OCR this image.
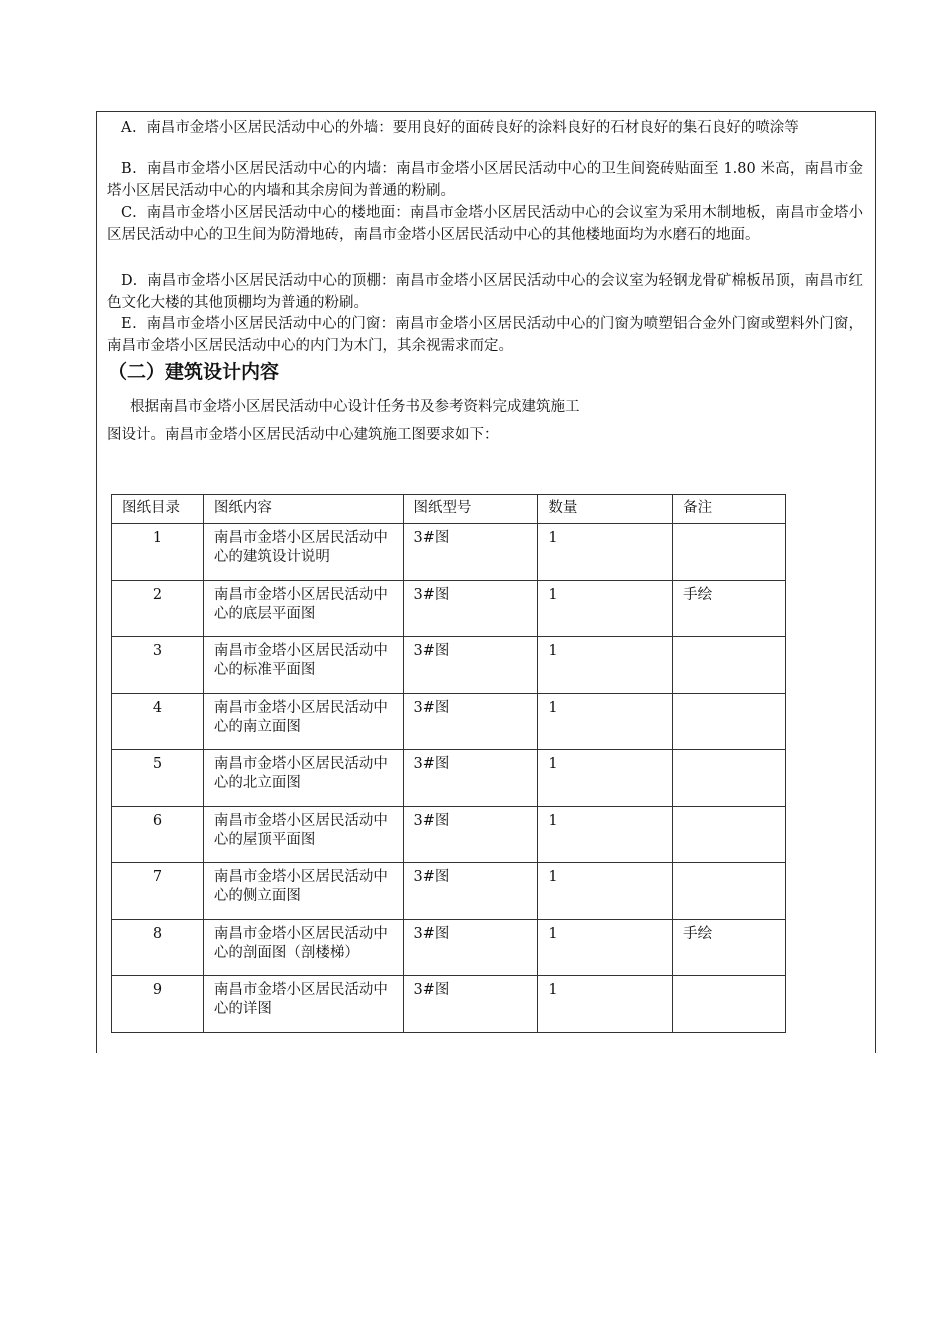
A. 南昌市金塔小区居民活动中心的外墙：要用良好的面砖良好的涂料良好的石材良好的集石良好的喷涂等

B. 南昌市金塔小区居民活动中心的内墙：南昌市金塔小区居民活动中心的卫生间瓷砖贴面至 1.80 米高，南昌市金塔小区居民活动中心的内墙和其余房间为普通的粉刷。

C. 南昌市金塔小区居民活动中心的楼地面：南昌市金塔小区居民活动中心的会议室为采用木制地板，南昌市金塔小区居民活动中心的卫生间为防滑地砖，南昌市金塔小区居民活动中心的其他楼地面均为水磨石的地面。

D. 南昌市金塔小区居民活动中心的顶棚：南昌市金塔小区居民活动中心的会议室为轻钢龙骨矿棉板吊顶，南昌市红色文化大楼的其他顶棚均为普通的粉刷。

E. 南昌市金塔小区居民活动中心的门窗：南昌市金塔小区居民活动中心的门窗为喷塑铝合金外门窗或塑料外门窗，南昌市金塔小区居民活动中心的内门为木门，其余视需求而定。

（二）建筑设计内容

根据南昌市金塔小区居民活动中心设计任务书及参考资料完成建筑施工

图设计。南昌市金塔小区居民活动中心建筑施工图要求如下：

图纸目录	图纸内容	图纸型号	数量	备注
1	南昌市金塔小区居民活动中心的建筑设计说明	3#图	1	
2	南昌市金塔小区居民活动中心的底层平面图	3#图	1	手绘
3	南昌市金塔小区居民活动中心的标准平面图	3#图	1	
4	南昌市金塔小区居民活动中心的南立面图	3#图	1	
5	南昌市金塔小区居民活动中心的北立面图	3#图	1	
6	南昌市金塔小区居民活动中心的屋顶平面图	3#图	1	
7	南昌市金塔小区居民活动中心的侧立面图	3#图	1	
8	南昌市金塔小区居民活动中心的剖面图（剖楼梯）	3#图	1	手绘
9	南昌市金塔小区居民活动中心的详图	3#图	1	
